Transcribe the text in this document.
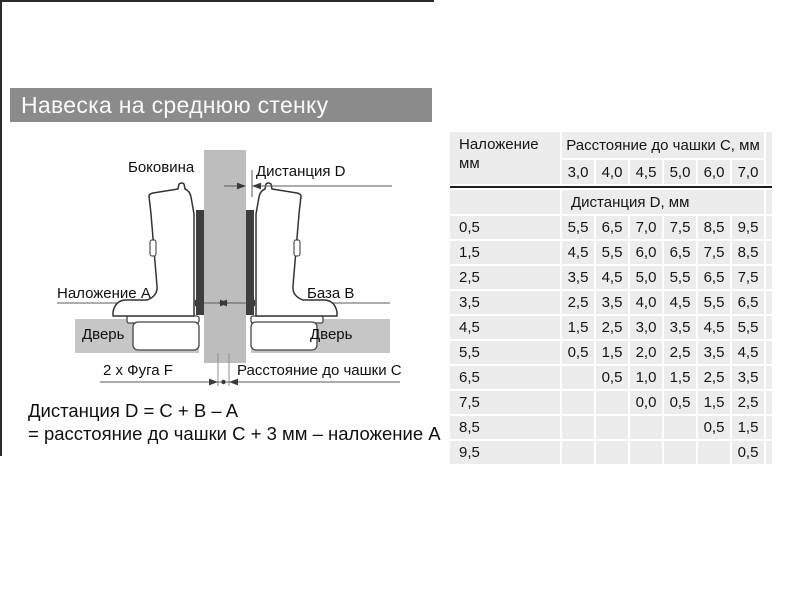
Навеска на среднюю стенку
Боковина	Дистанция D
Наложение A	База B
Дверь	Дверь
2 x Фуга F	Расстояние до чашки C
Дистанция D = C + B – A
= расстояние до чашки C + 3 мм – наложение A
Наложение
мм	Расстояние до чашки C, мм						
	3,0	4,0	4,5	5,0	6,0	7,0	

	Дистанция D, мм						
0,5	5,5	6,5	7,0	7,5	8,5	9,5	
1,5	4,5	5,5	6,0	6,5	7,5	8,5	
2,5	3,5	4,5	5,0	5,5	6,5	7,5	
3,5	2,5	3,5	4,0	4,5	5,5	6,5	
4,5	1,5	2,5	3,0	3,5	4,5	5,5	
5,5	0,5	1,5	2,0	2,5	3,5	4,5	
6,5		0,5	1,0	1,5	2,5	3,5	
7,5			0,0	0,5	1,5	2,5	
8,5					0,5	1,5	
9,5						0,5	
